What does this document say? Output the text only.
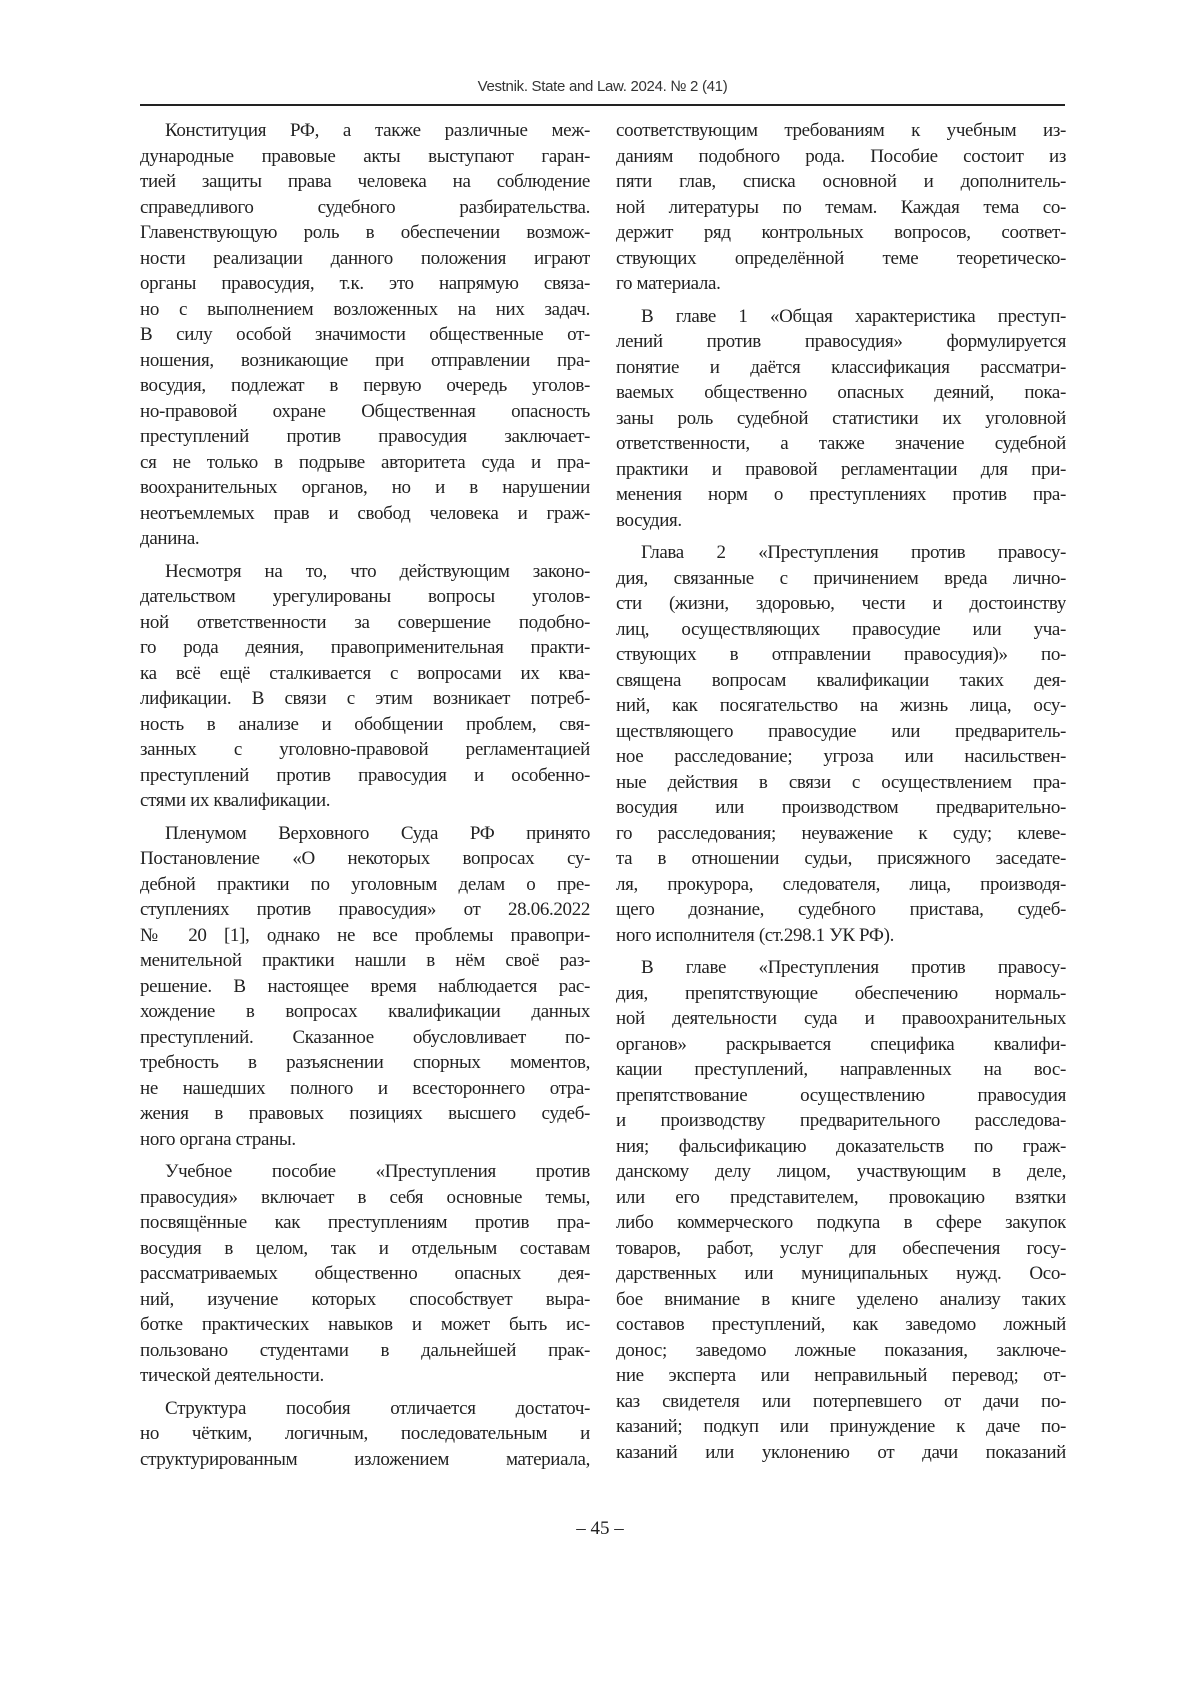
Vestnik. State and Law. 2024. № 2 (41)
Конституция РФ, а также различные меж-
дународные правовые акты выступают гаран-
тией защиты права человека на соблюдение
справедливого судебного разбирательства.
Главенствующую роль в обеспечении возмож-
ности реализации данного положения играют
органы правосудия, т.к. это напрямую связа-
но с выполнением возложенных на них задач.
В силу особой значимости общественные от-
ношения, возникающие при отправлении пра-
восудия, подлежат в первую очередь уголов-
но-правовой охране Общественная опасность
преступлений против правосудия заключает-
ся не только в подрыве авторитета суда и пра-
воохранительных органов, но и в нарушении
неотъемлемых прав и свобод человека и граж-
данина.
Несмотря на то, что действующим законо-
дательством урегулированы вопросы уголов-
ной ответственности за совершение подобно-
го рода деяния, правоприменительная практи-
ка всё ещё сталкивается с вопросами их ква-
лификации. В связи с этим возникает потреб-
ность в анализе и обобщении проблем, свя-
занных с уголовно-правовой регламентацией
преступлений против правосудия и особенно-
стями их квалификации.
Пленумом Верховного Суда РФ принято
Постановление «О некоторых вопросах су-
дебной практики по уголовным делам о пре-
ступлениях против правосудия» от 28.06.2022
№ 20 [1], однако не все проблемы правопри-
менительной практики нашли в нём своё раз-
решение. В настоящее время наблюдается рас-
хождение в вопросах квалификации данных
преступлений. Сказанное обусловливает по-
требность в разъяснении спорных моментов,
не нашедших полного и всестороннего отра-
жения в правовых позициях высшего судеб-
ного органа страны.
Учебное пособие «Преступления против
правосудия» включает в себя основные темы,
посвящённые как преступлениям против пра-
восудия в целом, так и отдельным составам
рассматриваемых общественно опасных дея-
ний, изучение которых способствует выра-
ботке практических навыков и может быть ис-
пользовано студентами в дальнейшей прак-
тической деятельности.
Структура пособия отличается достаточ-
но чётким, логичным, последовательным и
структурированным изложением материала,
соответствующим требованиям к учебным из-
даниям подобного рода. Пособие состоит из
пяти глав, списка основной и дополнитель-
ной литературы по темам. Каждая тема со-
держит ряд контрольных вопросов, соответ-
ствующих определённой теме теоретическо-
го материала.
В главе 1 «Общая характеристика преступ-
лений против правосудия» формулируется
понятие и даётся классификация рассматри-
ваемых общественно опасных деяний, пока-
заны роль судебной статистики их уголовной
ответственности, а также значение судебной
практики и правовой регламентации для при-
менения норм о преступлениях против пра-
восудия.
Глава 2 «Преступления против правосу-
дия, связанные с причинением вреда лично-
сти (жизни, здоровью, чести и достоинству
лиц, осуществляющих правосудие или уча-
ствующих в отправлении правосудия)» по-
священа вопросам квалификации таких дея-
ний, как посягательство на жизнь лица, осу-
ществляющего правосудие или предваритель-
ное расследование; угроза или насильствен-
ные действия в связи с осуществлением пра-
восудия или производством предварительно-
го расследования; неуважение к суду; клеве-
та в отношении судьи, присяжного заседате-
ля, прокурора, следователя, лица, производя-
щего дознание, судебного пристава, судеб-
ного исполнителя (ст.298.1 УК РФ).
В главе «Преступления против правосу-
дия, препятствующие обеспечению нормаль-
ной деятельности суда и правоохранительных
органов» раскрывается специфика квалифи-
кации преступлений, направленных на вос-
препятствование осуществлению правосудия
и производству предварительного расследова-
ния; фальсификацию доказательств по граж-
данскому делу лицом, участвующим в деле,
или его представителем, провокацию взятки
либо коммерческого подкупа в сфере закупок
товаров, работ, услуг для обеспечения госу-
дарственных или муниципальных нужд. Осо-
бое внимание в книге уделено анализу таких
составов преступлений, как заведомо ложный
донос; заведомо ложные показания, заключе-
ние эксперта или неправильный перевод; от-
каз свидетеля или потерпевшего от дачи по-
казаний; подкуп или принуждение к даче по-
казаний или уклонению от дачи показаний
– 45 –
